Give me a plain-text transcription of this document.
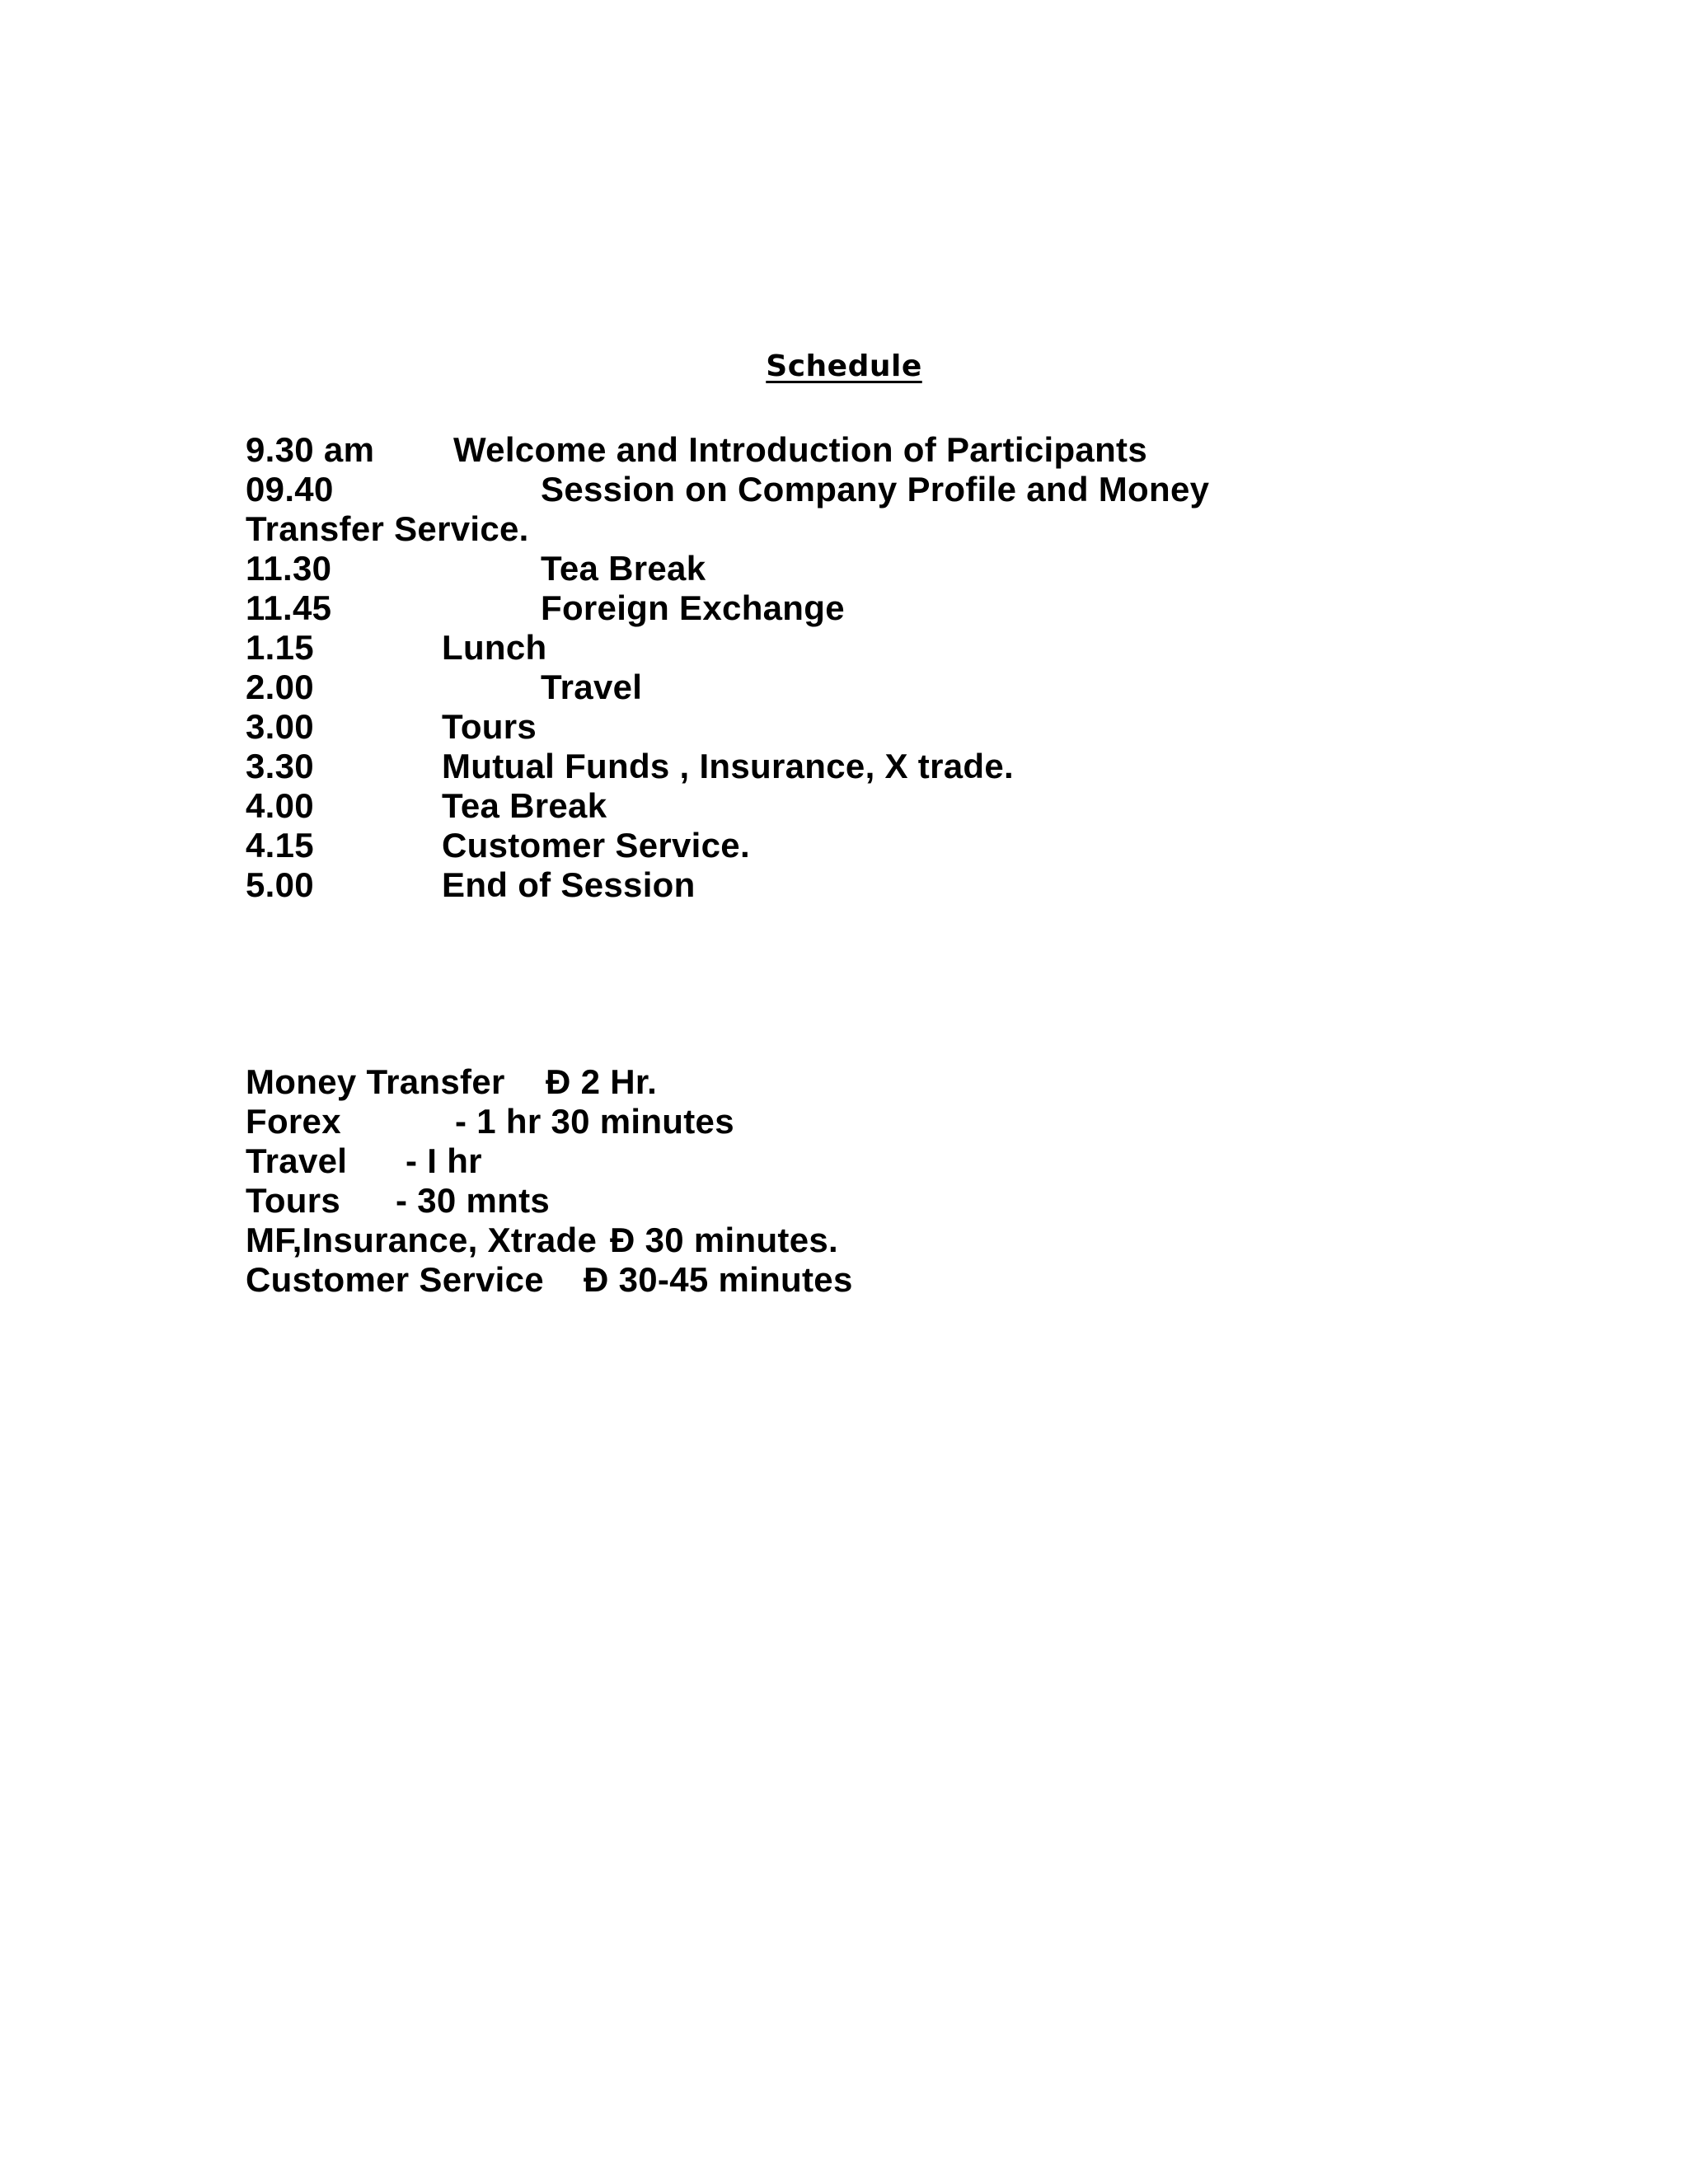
Schedule
9.30 am Welcome and Introduction of Participants
09.40	Session on Company Profile and Money
Transfer Service.
11.30	Tea Break
11.45	Foreign Exchange
1.15	Lunch
2.00	Travel
3.00	Tours
3.30	Mutual Funds , Insurance, X trade.
4.00	Tea Break
4.15	Customer Service.
5.00	End of Session
Money Transfer Đ 2 Hr.
Forex	- 1 hr 30 minutes
Travel - I hr
Tours - 30 mnts
MF,Insurance, Xtrade Đ 30 minutes.
Customer Service Đ 30-45 minutes
